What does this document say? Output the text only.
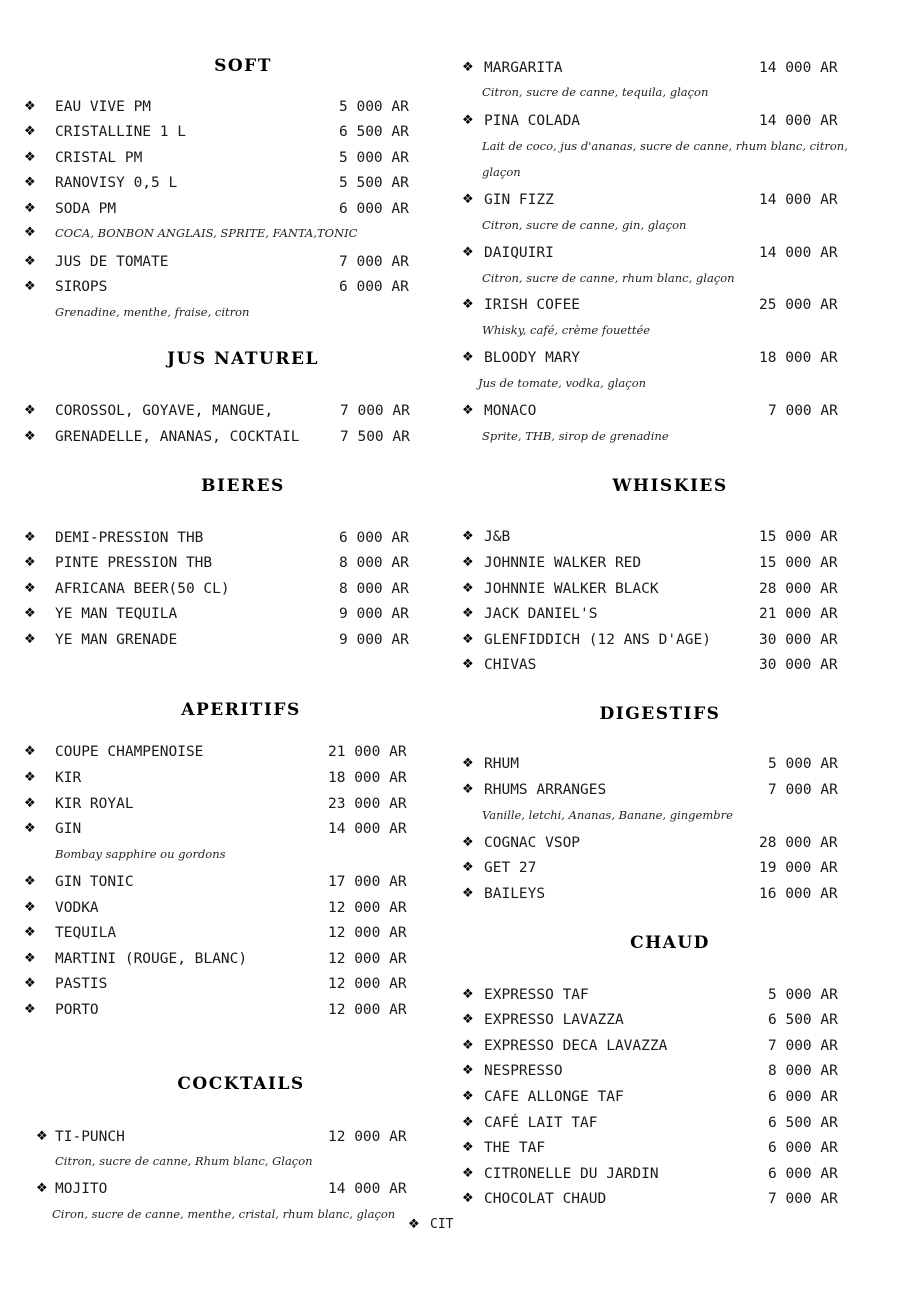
SOFT
❖ EAU VIVE PM	5 000 AR
❖ CRISTALLINE 1 L	6 500 AR
❖ CRISTAL PM	5 000 AR
❖ RANOVISY 0,5 L	5 500 AR
❖ SODA PM	6 000 AR
❖ COCA, BONBON ANGLAIS, SPRITE, FANTA,TONIC
❖ JUS DE TOMATE	7 000 AR
❖ SIROPS	6 000 AR
Grenadine, menthe, fraise, citron
JUS NATUREL
❖ COROSSOL, GOYAVE, MANGUE,	7 000 AR
❖ GRENADELLE, ANANAS, COCKTAIL	7 500 AR
BIERES
❖ DEMI-PRESSION THB	6 000 AR
❖ PINTE PRESSION THB	8 000 AR
❖ AFRICANA BEER(50 CL)	8 000 AR
❖ YE MAN TEQUILA	9 000 AR
❖ YE MAN GRENADE	9 000 AR
APERITIFS
❖ COUPE CHAMPENOISE	21 000 AR
❖ KIR	18 000 AR
❖ KIR ROYAL	23 000 AR
❖ GIN	14 000 AR
Bombay sapphire ou gordons
❖ GIN TONIC	17 000 AR
❖ VODKA	12 000 AR
❖ TEQUILA	12 000 AR
❖ MARTINI (ROUGE, BLANC)	12 000 AR
❖ PASTIS	12 000 AR
❖ PORTO	12 000 AR
COCKTAILS
❖ TI-PUNCH	12 000 AR
Citron, sucre de canne, Rhum blanc, Glaçon
❖ MOJITO	14 000 AR
Ciron, sucre de canne, menthe, cristal, rhum blanc, glaçon
❖ MARGARITA	14 000 AR
Citron, sucre de canne, tequila, glaçon
❖ PINA COLADA	14 000 AR
Lait de coco, jus d'ananas, sucre de canne, rhum blanc, citron, glaçon
❖ GIN FIZZ	14 000 AR
Citron, sucre de canne, gin, glaçon
❖ DAIQUIRI	14 000 AR
Citron, sucre de canne, rhum blanc, glaçon
❖ IRISH COFEE	25 000 AR
Whisky, café, crème fouettée
❖ BLOODY MARY	18 000 AR
Jus de tomate, vodka, glaçon
❖ MONACO	7 000 AR
Sprite, THB, sirop de grenadine
WHISKIES
❖ J&B	15 000 AR
❖ JOHNNIE WALKER RED	15 000 AR
❖ JOHNNIE WALKER BLACK	28 000 AR
❖ JACK DANIEL'S	21 000 AR
❖ GLENFIDDICH (12 ANS D'AGE)	30 000 AR
❖ CHIVAS	30 000 AR
DIGESTIFS
❖ RHUM	5 000 AR
❖ RHUMS ARRANGES	7 000 AR
Vanille, letchi, Ananas, Banane, gingembre
❖ COGNAC VSOP	28 000 AR
❖ GET 27	19 000 AR
❖ BAILEYS	16 000 AR
CHAUD
❖ EXPRESSO TAF	5 000 AR
❖ EXPRESSO LAVAZZA	6 500 AR
❖ EXPRESSO DECA LAVAZZA	7 000 AR
❖ NESPRESSO	8 000 AR
❖ CAFE ALLONGE TAF	6 000 AR
❖ CAFÉ LAIT TAF	6 500 AR
❖ THE TAF	6 000 AR
❖ CITRONELLE DU JARDIN	6 000 AR
❖ CHOCOLAT CHAUD	7 000 AR
❖ CIT
